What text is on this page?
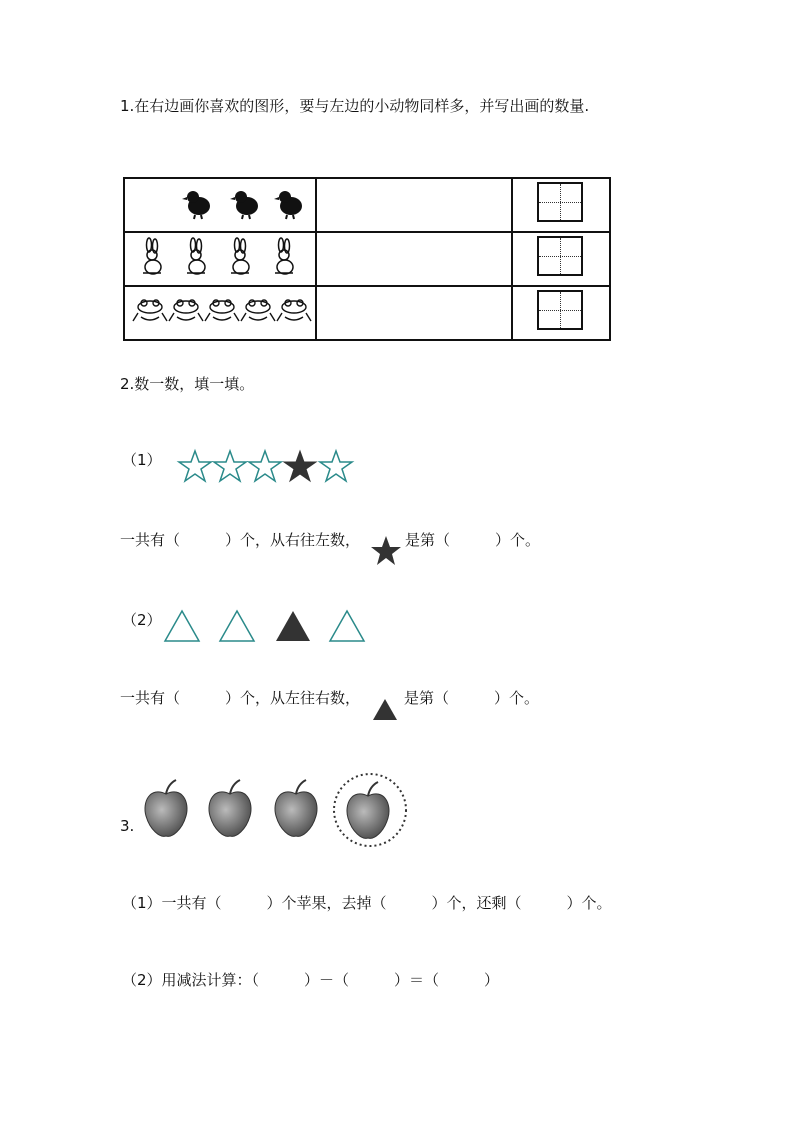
1.在右边画你喜欢的图形，要与左边的小动物同样多，并写出画的数量.

2.数一数，填一填。
（1）
一共有（　　　）个，从右往左数，	是第（　　　）个。
（2）
一共有（　　　）个，从左往右数，	是第（　　　）个。
3.
（1）一共有（　　　）个苹果，去掉（　　　）个，还剩（　　　）个。
（2）用减法计算：（　　　）－（　　　）＝（　　　）
